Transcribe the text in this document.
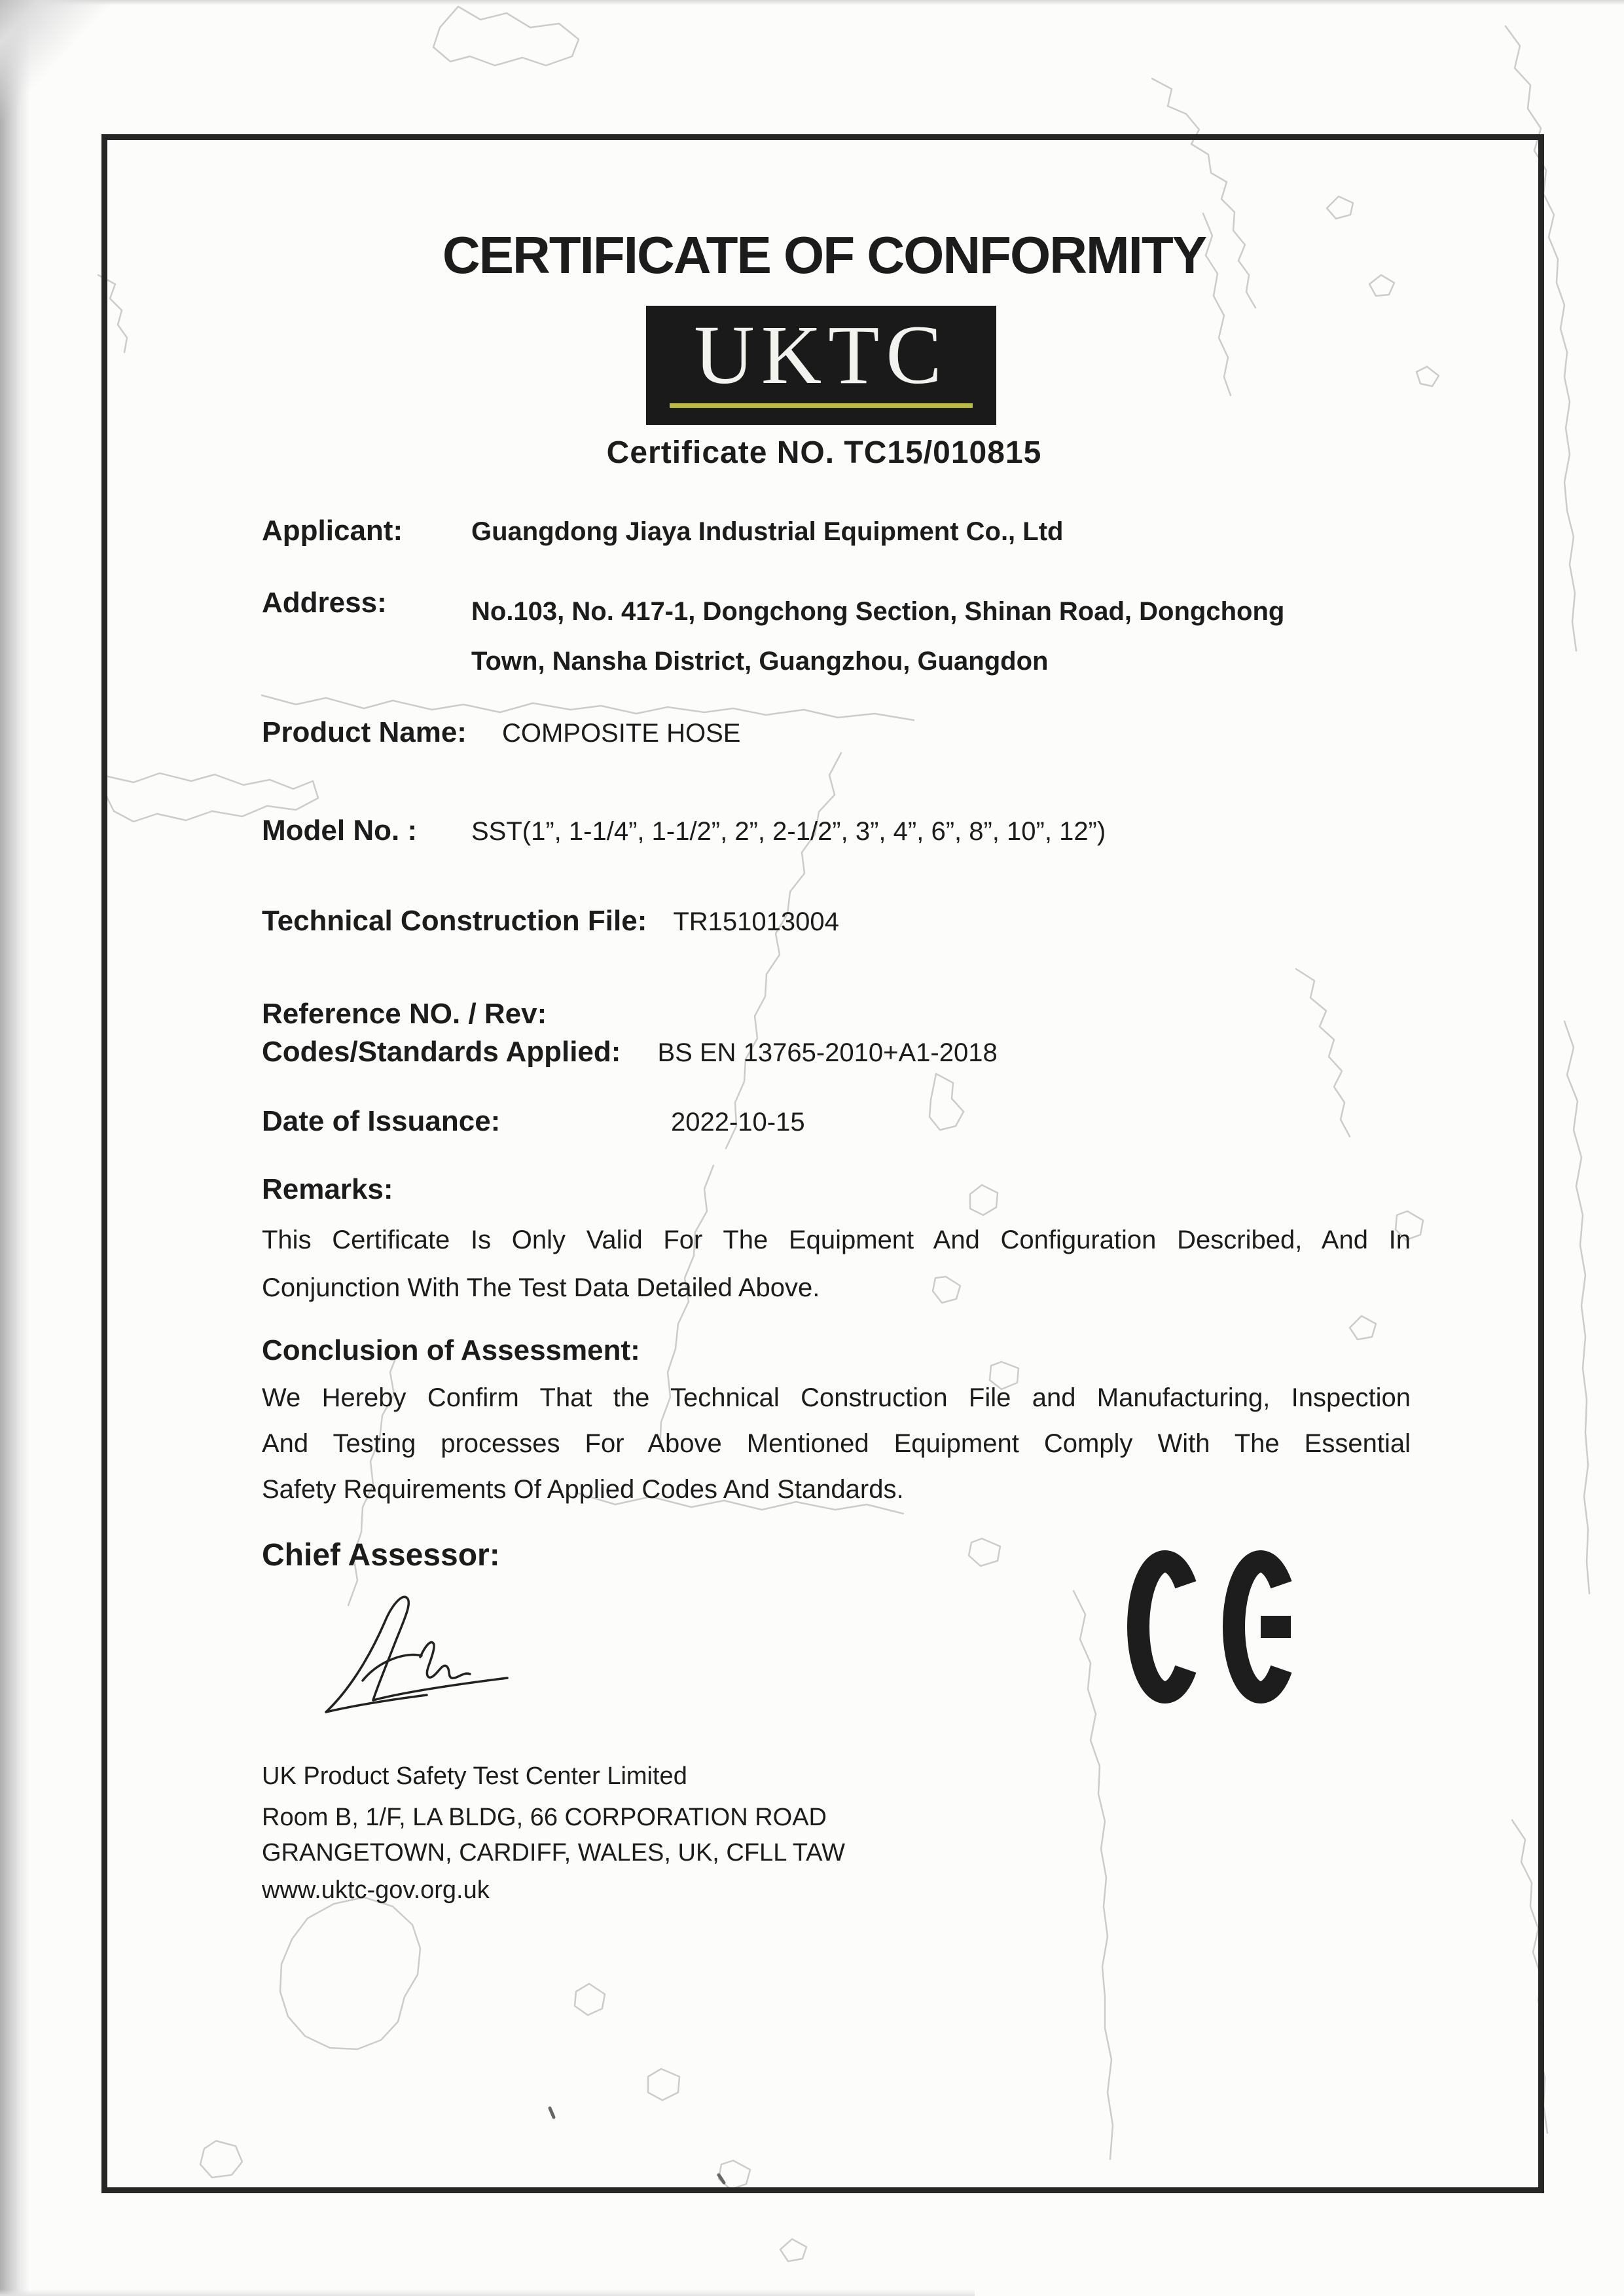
CERTIFICATE OF CONFORMITY
UKTC
Certificate NO. TC15/010815
Applicant:	Guangdong Jiaya Industrial Equipment Co., Ltd
Address:	No.103, No. 417-1, Dongchong Section, Shinan Road, Dongchong
Town, Nansha District, Guangzhou, Guangdon
Product Name: COMPOSITE HOSE
Model No. : SST(1”, 1-1/4”, 1-1/2”, 2”, 2-1/2”, 3”, 4”, 6”, 8”, 10”, 12”)
Technical Construction File: TR151013004
Reference NO. / Rev:
Codes/Standards Applied: BS EN 13765-2010+A1-2018
Date of Issuance:	2022-10-15
Remarks:
This Certificate Is Only Valid For The Equipment And Configuration Described, And In
Conjunction With The Test Data Detailed Above.
Conclusion of Assessment:
We Hereby Confirm That the Technical Construction File and Manufacturing, Inspection
And Testing processes For Above Mentioned Equipment Comply With The Essential
Safety Requirements Of Applied Codes And Standards.
Chief Assessor:
UK Product Safety Test Center Limited
Room B, 1/F, LA BLDG, 66 CORPORATION ROAD
GRANGETOWN, CARDIFF, WALES, UK, CFLL TAW
www.uktc-gov.org.uk
